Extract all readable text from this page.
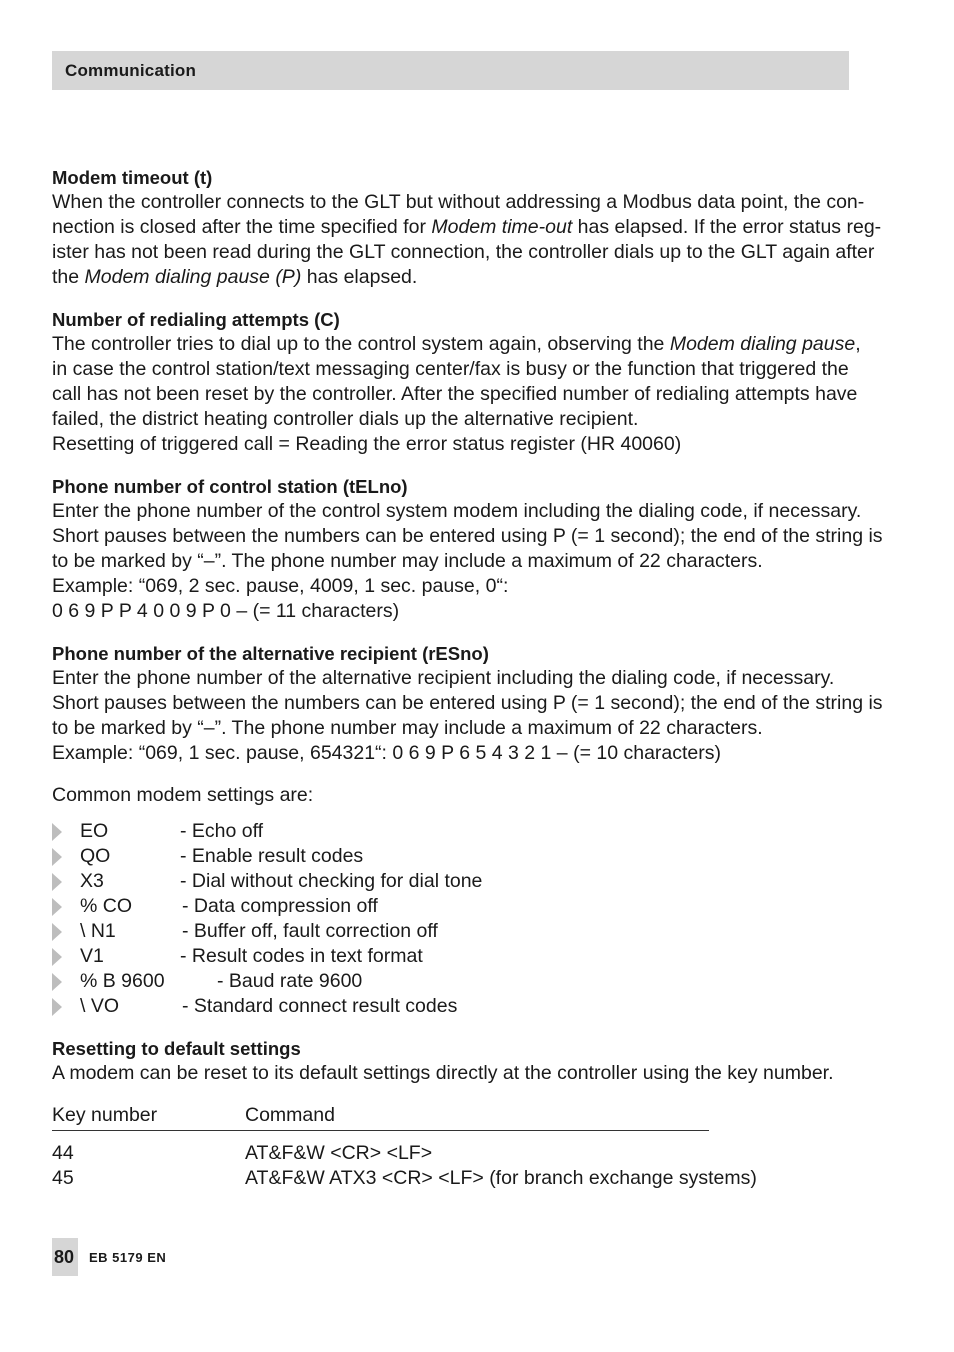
Communication
Modem timeout (t)
When the controller connects to the GLT but without addressing a Modbus data point, the con-
nection is closed after the time specified for Modem time-out has elapsed. If the error status reg-
ister has not been read during the GLT connection, the controller dials up to the GLT again after
the Modem dialing pause (P) has elapsed.
Number of redialing attempts (C)
The controller tries to dial up to the control system again, observing the Modem dialing pause,
in case the control station/text messaging center/fax is busy or the function that triggered the
call has not been reset by the controller. After the specified number of redialing attempts have
failed, the district heating controller dials up the alternative recipient.
Resetting of triggered call = Reading the error status register (HR 40060)
Phone number of control station (tELno)
Enter the phone number of the control system modem including the dialing code, if necessary.
Short pauses between the numbers can be entered using P (= 1 second); the end of the string is
to be marked by “–”. The phone number may include a maximum of 22 characters.
Example: “069, 2 sec. pause, 4009, 1 sec. pause, 0“:
0 6 9 P P 4 0 0 9 P 0 – (= 11 characters)
Phone number of the alternative recipient (rESno)
Enter the phone number of the alternative recipient including the dialing code, if necessary.
Short pauses between the numbers can be entered using P (= 1 second); the end of the string is
to be marked by “–”. The phone number may include a maximum of 22 characters.
Example: “069, 1 sec. pause, 654321“: 0 6 9 P 6 5 4 3 2 1 – (= 10 characters)
Common modem settings are:
EO	- Echo off
QO	- Enable result codes
X3	- Dial without checking for dial tone
% CO	- Data compression off
\ N1	- Buffer off, fault correction off
V1	- Result codes in text format
% B 9600	- Baud rate 9600
\ VO	- Standard connect result codes
Resetting to default settings
A modem can be reset to its default settings directly at the controller using the key number.
Key number	Command
44	AT&F&W <CR> <LF>
45	AT&F&W ATX3 <CR> <LF> (for branch exchange systems)
80 EB 5179 EN
